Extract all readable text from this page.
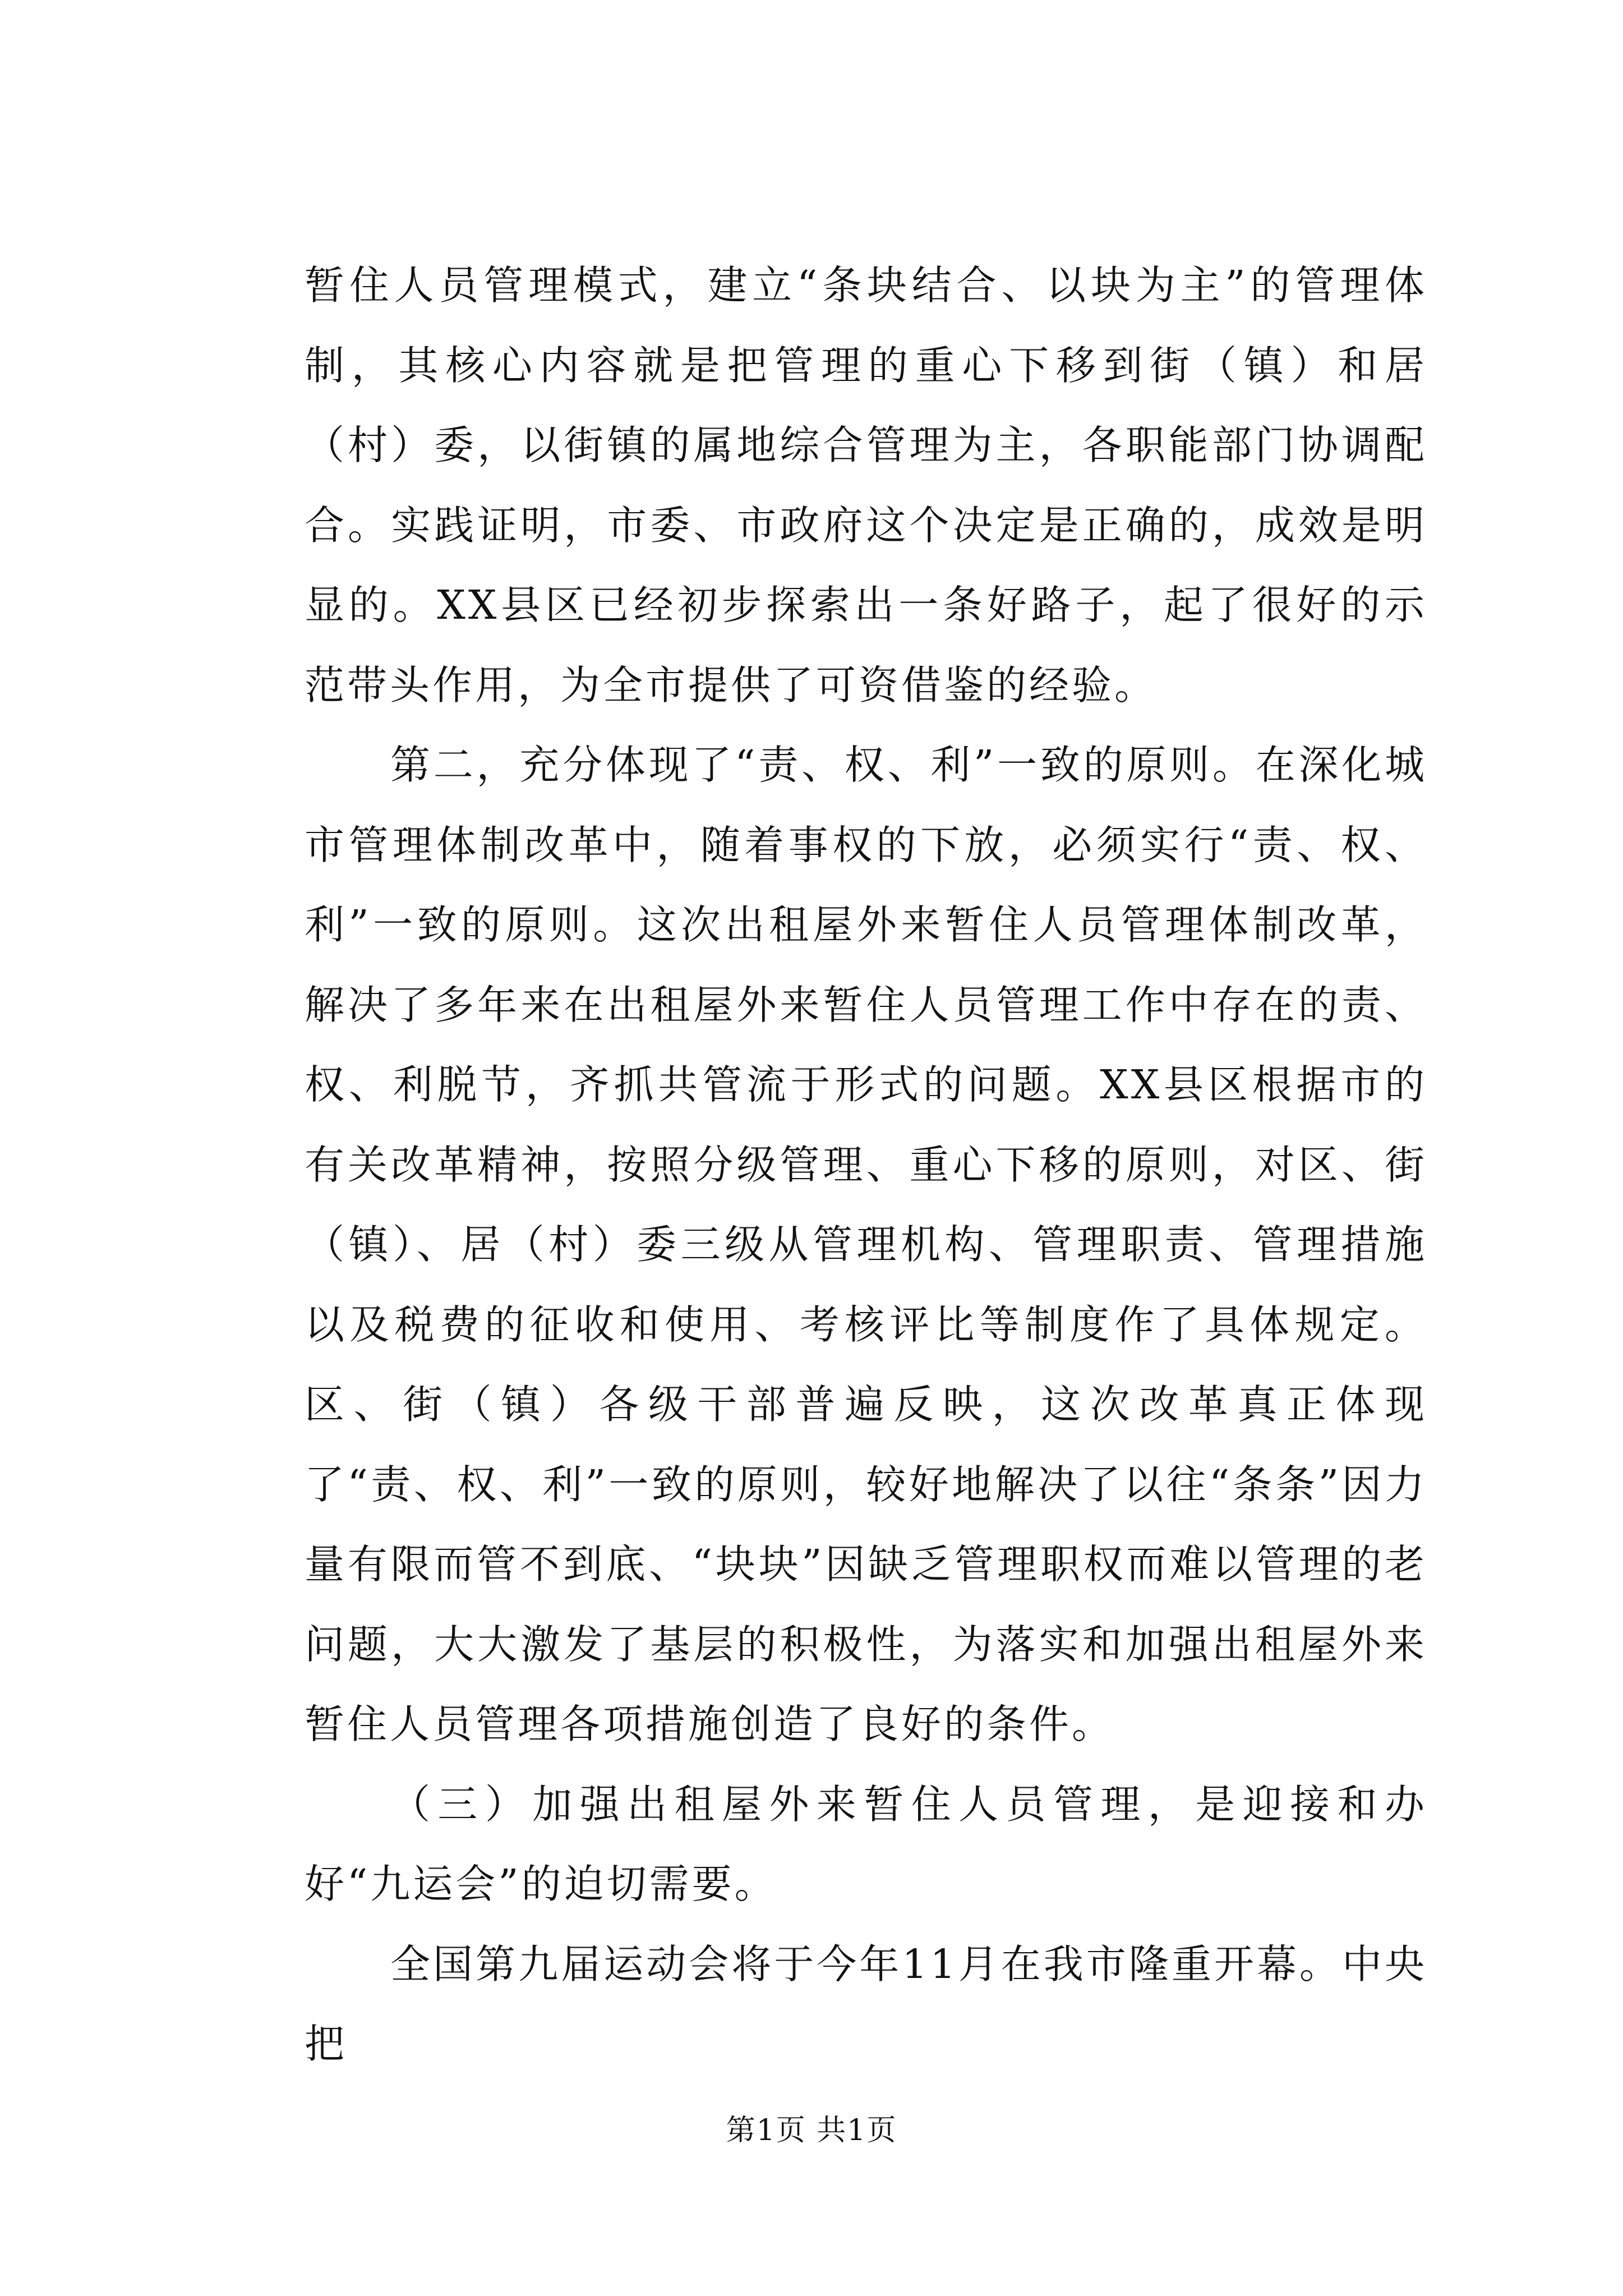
暂住人员管理模式，建立“条块结合、以块为主”的管理体制，其核心内容就是把管理的重心下移到街（镇）和居（村）委，以街镇的属地综合管理为主，各职能部门协调配合。实践证明，市委、市政府这个决定是正确的，成效是明显的。XX县区已经初步探索出一条好路子，起了很好的示范带头作用，为全市提供了可资借鉴的经验。

第二，充分体现了“责、权、利”一致的原则。在深化城市管理体制改革中，随着事权的下放，必须实行“责、权、利”一致的原则。这次出租屋外来暂住人员管理体制改革，解决了多年来在出租屋外来暂住人员管理工作中存在的责、权、利脱节，齐抓共管流于形式的问题。XX县区根据市的有关改革精神，按照分级管理、重心下移的原则，对区、街（镇）、居（村）委三级从管理机构、管理职责、管理措施以及税费的征收和使用、考核评比等制度作了具体规定。区、街（镇）各级干部普遍反映，这次改革真正体现了“责、权、利”一致的原则，较好地解决了以往“条条”因力量有限而管不到底、“块块”因缺乏管理职权而难以管理的老问题，大大激发了基层的积极性，为落实和加强出租屋外来暂住人员管理各项措施创造了良好的条件。

（三）加强出租屋外来暂住人员管理，是迎接和办好“九运会”的迫切需要。

全国第九届运动会将于今年11月在我市隆重开幕。中央把

第1页 共1页
